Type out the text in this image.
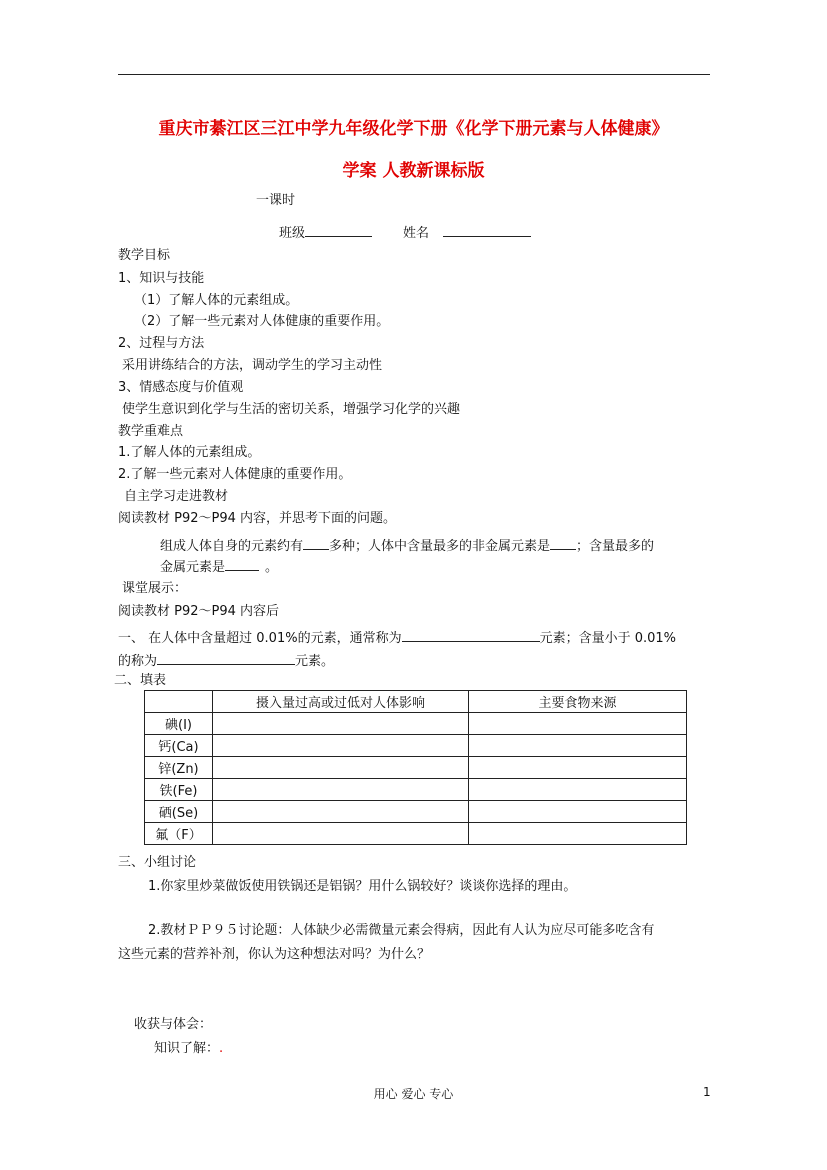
重庆市綦江区三江中学九年级化学下册《化学下册元素与人体健康》
学案 人教新课标版
一课时
班级	姓名
教学目标
1、知识与技能
（1）了解人体的元素组成。
（2）了解一些元素对人体健康的重要作用。
2、过程与方法
采用讲练结合的方法，调动学生的学习主动性
3、情感态度与价值观
使学生意识到化学与生活的密切关系，增强学习化学的兴趣
教学重难点
1.了解人体的元素组成。
2.了解一些元素对人体健康的重要作用。
自主学习走进教材
阅读教材 P92～P94 内容，并思考下面的问题。
组成人体自身的元素约有 多种；人体中含量最多的非金属元素是 ；含量最多的
金属元素是	。
课堂展示：
阅读教材 P92～P94 内容后
一、 在人体中含量超过 0.01%的元素，通常称为	元素；含量小于 0.01%
的称为	元素。
二、填表
	摄入量过高或过低对人体影响	主要食物来源
碘(I)		
钙(Ca)		
锌(Zn)		
铁(Fe)		
硒(Se)		
氟（F）		
三、小组讨论
1.你家里炒菜做饭使用铁锅还是铝锅？用什么锅较好？谈谈你选择的理由。
2.教材ＰＰ９５讨论题：人体缺少必需微量元素会得病，因此有人认为应尽可能多吃含有
这些元素的营养补剂，你认为这种想法对吗？为什么？
收获与体会：
知识了解：.
用心 爱心 专心	1
